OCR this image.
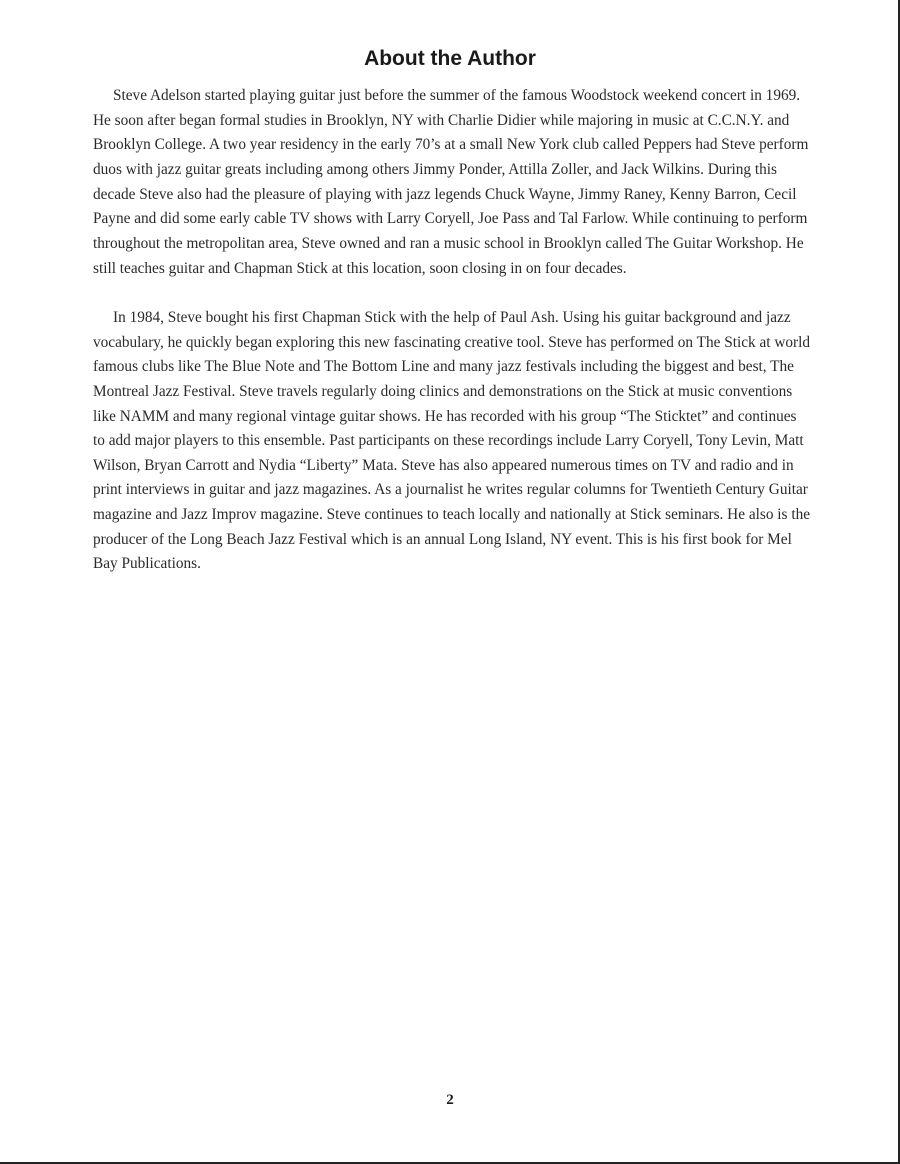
About the Author

Steve Adelson started playing guitar just before the summer of the famous Woodstock weekend concert in 1969. He soon after began formal studies in Brooklyn, NY with Charlie Didier while majoring in music at C.C.N.Y. and Brooklyn College. A two year residency in the early 70’s at a small New York club called Peppers had Steve perform duos with jazz guitar greats including among others Jimmy Ponder, Attilla Zoller, and Jack Wilkins. During this decade Steve also had the pleasure of playing with jazz legends Chuck Wayne, Jimmy Raney, Kenny Barron, Cecil Payne and did some early cable TV shows with Larry Coryell, Joe Pass and Tal Farlow. While continuing to perform throughout the metropolitan area, Steve owned and ran a music school in Brooklyn called The Guitar Workshop. He still teaches guitar and Chapman Stick at this location, soon closing in on four decades.

In 1984, Steve bought his first Chapman Stick with the help of Paul Ash. Using his guitar background and jazz vocabulary, he quickly began exploring this new fascinating creative tool. Steve has performed on The Stick at world famous clubs like The Blue Note and The Bottom Line and many jazz festivals including the biggest and best, The Montreal Jazz Festival. Steve travels regularly doing clinics and demonstrations on the Stick at music conventions like NAMM and many regional vintage guitar shows. He has recorded with his group “The Sticktet” and continues to add major players to this ensemble. Past participants on these recordings include Larry Coryell, Tony Levin, Matt Wilson, Bryan Carrott and Nydia “Liberty” Mata. Steve has also appeared numerous times on TV and radio and in print interviews in guitar and jazz magazines. As a journalist he writes regular columns for Twentieth Century Guitar magazine and Jazz Improv magazine. Steve continues to teach locally and nationally at Stick seminars. He also is the producer of the Long Beach Jazz Festival which is an annual Long Island, NY event. This is his first book for Mel Bay Publications.

2
